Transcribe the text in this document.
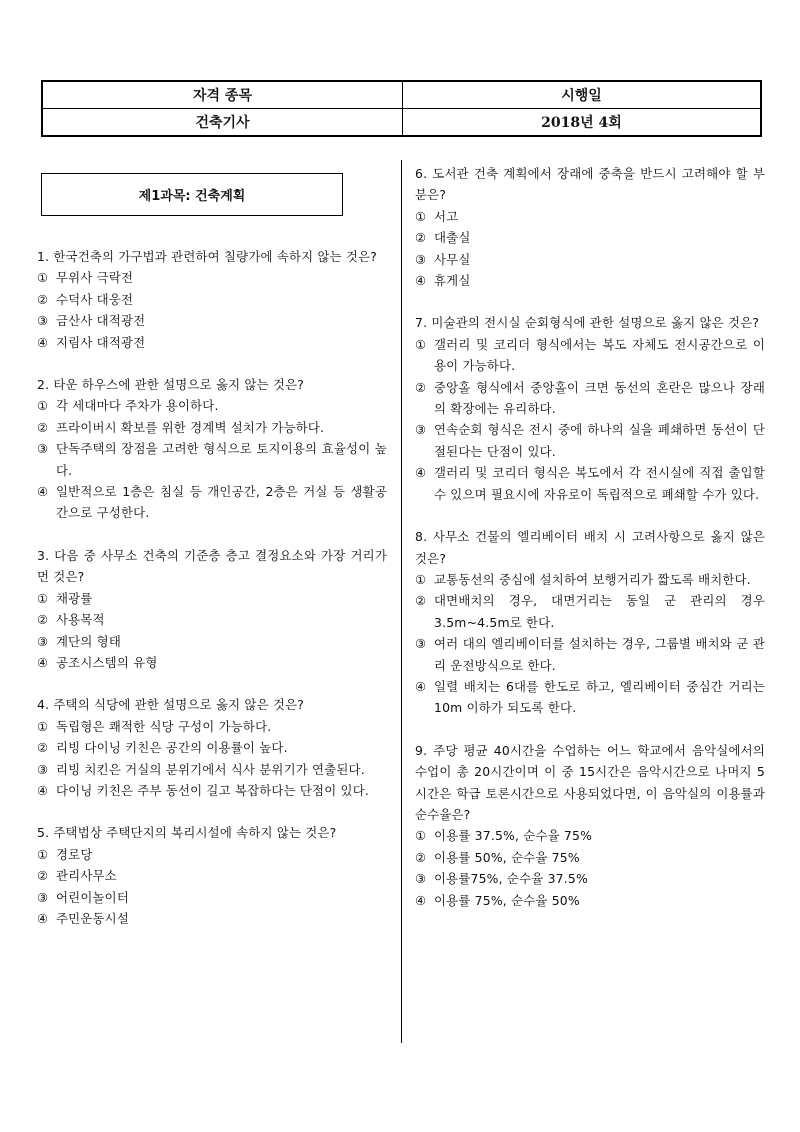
자격 종목	시행일
건축기사	2018년 4회
제1과목: 건축계획
1. 한국건축의 가구법과 관련하여 칠량가에 속하지 않는 것은?
① 무위사 극락전
② 수덕사 대웅전
③ 금산사 대적광전
④ 지림사 대적광전
2. 타운 하우스에 관한 설명으로 옳지 않는 것은?
① 각 세대마다 주차가 용이하다.
② 프라이버시 확보를 위한 경계벽 설치가 가능하다.
③ 단독주택의 장점을 고려한 형식으로 토지이용의 효율성이 높다.
④ 일반적으로 1층은 침실 등 개인공간, 2층은 거실 등 생활공간으로 구성한다.
3. 다음 중 사무소 건축의 기준층 층고 결정요소와 가장 거리가 먼 것은?
① 채광률
② 사용목적
③ 계단의 형태
④ 공조시스템의 유형
4. 주택의 식당에 관한 설명으로 옳지 않은 것은?
① 독립형은 쾌적한 식당 구성이 가능하다.
② 리빙 다이닝 키친은 공간의 이용률이 높다.
③ 리빙 치킨은 거실의 분위기에서 식사 분위기가 연출된다.
④ 다이닝 키친은 주부 동선이 길고 복잡하다는 단점이 있다.
5. 주택법상 주택단지의 복리시설에 속하지 않는 것은?
① 경로당
② 관리사무소
③ 어린이놀이터
④ 주민운동시설
6. 도서관 건축 계획에서 장래에 중축을 반드시 고려해야 할 부분은?
① 서고
② 대출실
③ 사무실
④ 휴게실
7. 미술관의 전시실 순회형식에 관한 설명으로 옳지 않은 것은?
① 갤러리 및 코리더 형식에서는 복도 자체도 전시공간으로 이용이 가능하다.
② 중앙홀 형식에서 중앙홀이 크면 동선의 혼란은 많으나 장래의 확장에는 유리하다.
③ 연속순회 형식은 전시 중에 하나의 실을 폐쇄하면 동선이 단절된다는 단점이 있다.
④ 갤러리 및 코리더 형식은 복도에서 각 전시실에 직접 출입할 수 있으며 필요시에 자유로이 독립적으로 폐쇄할 수가 있다.
8. 사무소 건물의 엘리베이터 배치 시 고려사항으로 옳지 않은 것은?
① 교통동선의 중심에 설치하여 보행거리가 짧도록 배치한다.
② 대면배치의 경우, 대면거리는 동일 군 관리의 경우 3.5m~4.5m로 한다.
③ 여러 대의 엘리베이터를 설치하는 경우, 그룹별 배치와 군 관리 운전방식으로 한다.
④ 일렬 배치는 6대를 한도로 하고, 엘리베이터 중심간 거리는 10m 이하가 되도록 한다.
9. 주당 평균 40시간을 수업하는 어느 학교에서 음악실에서의 수업이 총 20시간이며 이 중 15시간은 음악시간으로 나머지 5시간은 학급 토론시간으로 사용되었다면, 이 음악실의 이용률과 순수율은?
① 이용률 37.5%, 순수율 75%
② 이용률 50%, 순수율 75%
③ 이용률75%, 순수율 37.5%
④ 이용률 75%, 순수율 50%
